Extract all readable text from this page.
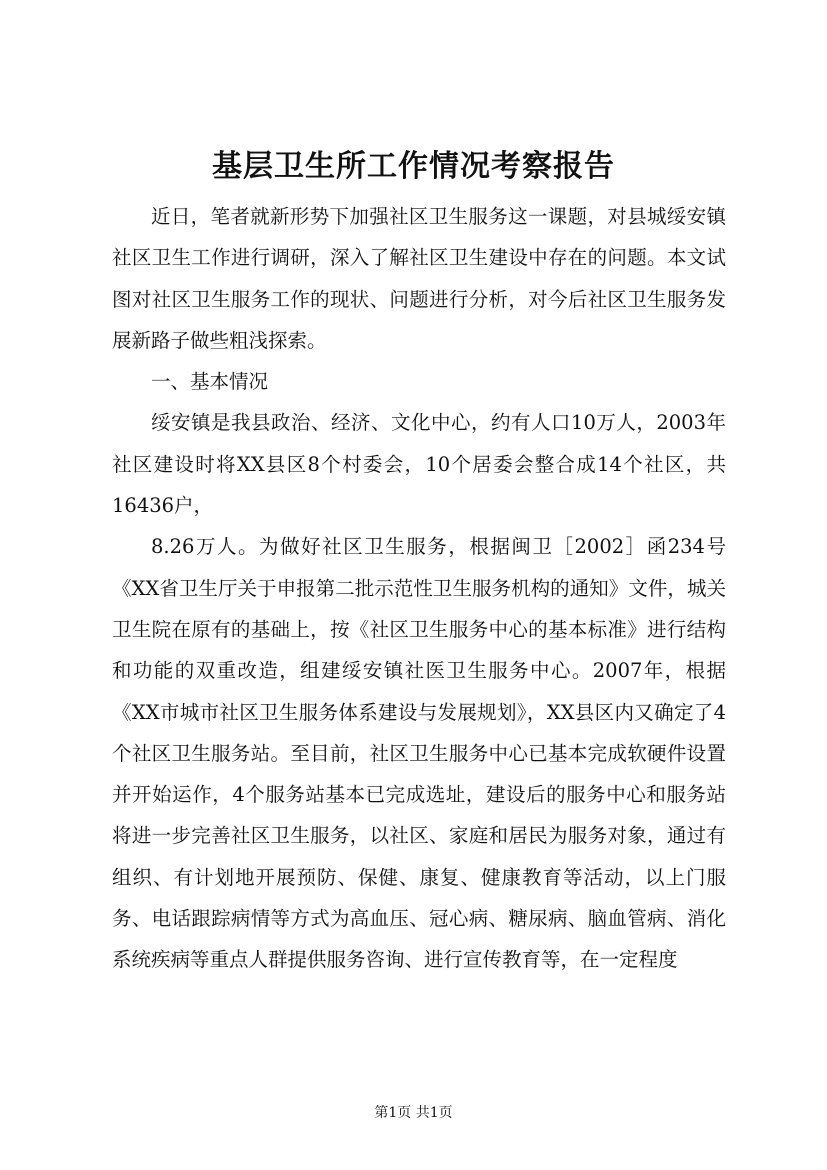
基层卫生所工作情况考察报告

近日，笔者就新形势下加强社区卫生服务这一课题，对县城绥安镇社区卫生工作进行调研，深入了解社区卫生建设中存在的问题。本文试图对社区卫生服务工作的现状、问题进行分析，对今后社区卫生服务发展新路子做些粗浅探索。

一、基本情况

绥安镇是我县政治、经济、文化中心，约有人口10万人，2003年社区建设时将XX县区8个村委会，10个居委会整合成14个社区，共16436户，

8.26万人。为做好社区卫生服务，根据闽卫［2002］函234号《XX省卫生厅关于申报第二批示范性卫生服务机构的通知》文件，城关卫生院在原有的基础上，按《社区卫生服务中心的基本标准》进行结构和功能的双重改造，组建绥安镇社医卫生服务中心。2007年，根据《XX市城市社区卫生服务体系建设与发展规划》，XX县区内又确定了4个社区卫生服务站。至目前，社区卫生服务中心已基本完成软硬件设置并开始运作，4个服务站基本已完成选址，建设后的服务中心和服务站将进一步完善社区卫生服务，以社区、家庭和居民为服务对象，通过有组织、有计划地开展预防、保健、康复、健康教育等活动，以上门服务、电话跟踪病情等方式为高血压、冠心病、糖尿病、脑血管病、消化系统疾病等重点人群提供服务咨询、进行宣传教育等，在一定程度

第1页 共1页
